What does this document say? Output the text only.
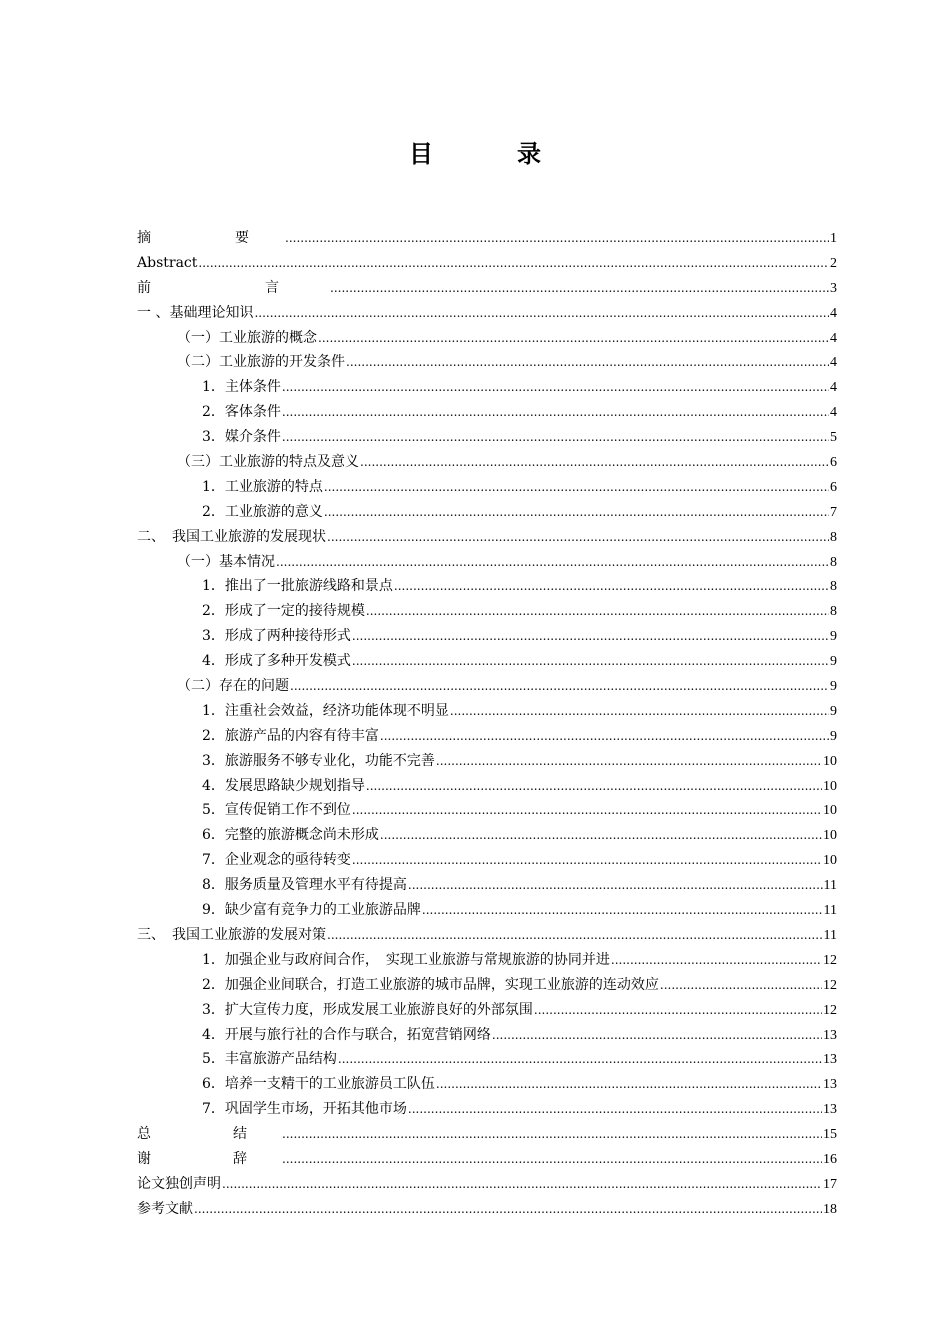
目	录
摘　要 .....	1
Abstract .....	2
前　言 .....	3
一 、基础理论知识 .....	4
（一）工业旅游的概念 .....	4
（二）工业旅游的开发条件 .....	4
1．主体条件 .....	4
2．客体条件 .....	4
3．媒介条件 .....	5
（三）工业旅游的特点及意义 .....	6
1．工业旅游的特点 .....	6
2．工业旅游的意义 .....	7
二、　我国工业旅游的发展现状 .....	8
（一）基本情况 .....	8
1．推出了一批旅游线路和景点 .....	8
2．形成了一定的接待规模 .....	8
3．形成了两种接待形式 .....	9
4．形成了多种开发模式 .....	9
（二）存在的问题 .....	9
1．注重社会效益，经济功能体现不明显 .....	9
2．旅游产品的内容有待丰富 .....	9
3．旅游服务不够专业化，功能不完善 .....	10
4．发展思路缺少规划指导 .....	10
5．宣传促销工作不到位 .....	10
6．完整的旅游概念尚未形成 .....	10
7．企业观念的亟待转变 .....	10
8．服务质量及管理水平有待提高 .....	11
9．缺少富有竞争力的工业旅游品牌 .....	11
三、　我国工业旅游的发展对策 .....	11
1．加强企业与政府间合作，　实现工业旅游与常规旅游的协同并进 .....	12
2．加强企业间联合，打造工业旅游的城市品牌，实现工业旅游的连动效应 .....	12
3．扩大宣传力度，形成发展工业旅游良好的外部氛围 .....	12
4．开展与旅行社的合作与联合，拓宽营销网络 .....	13
5．丰富旅游产品结构 .....	13
6．培养一支精干的工业旅游员工队伍 .....	13
7．巩固学生市场，开拓其他市场 .....	13
总　结 .....	15
谢　辞 .....	16
论文独创声明 .....	17
参考文献 .....	18
